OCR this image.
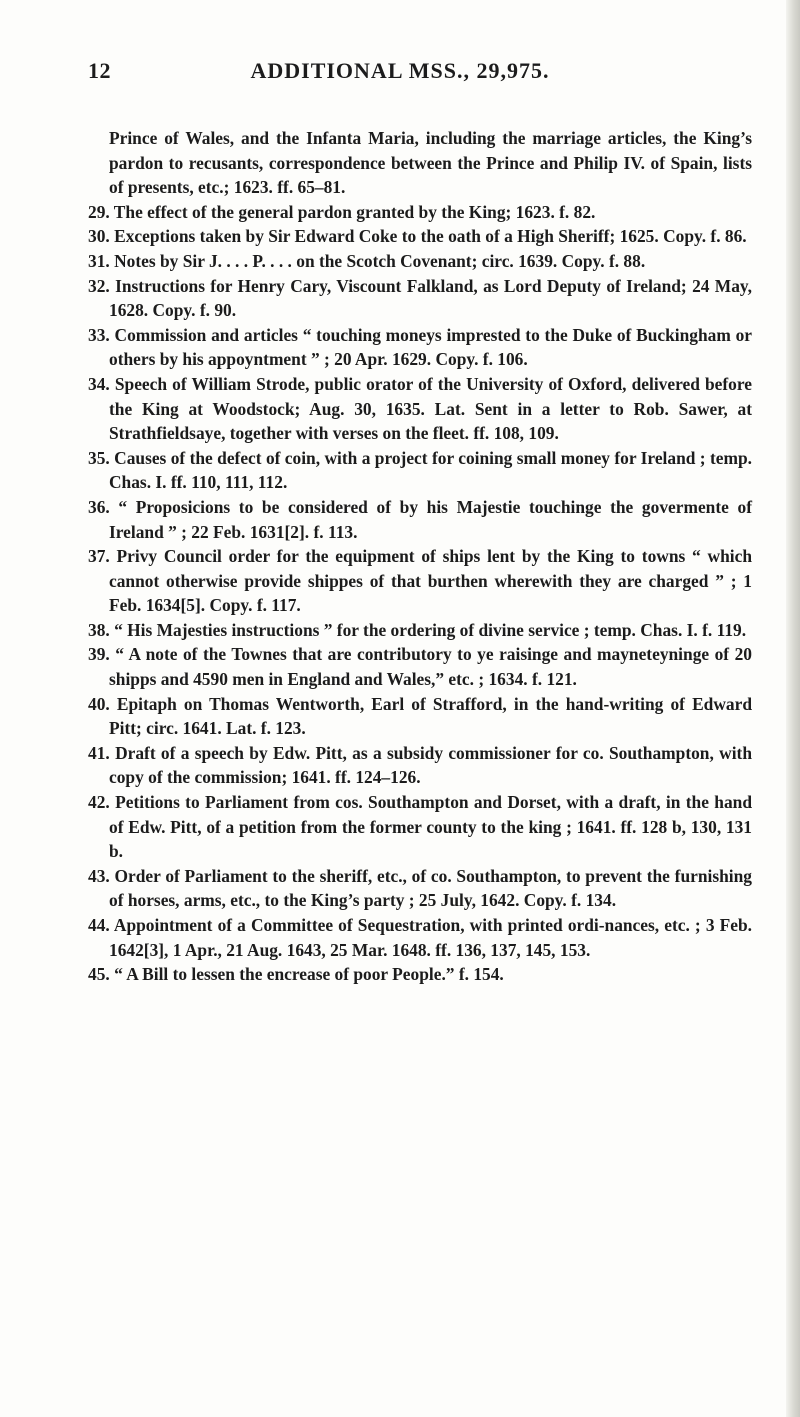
12	ADDITIONAL MSS., 29,975.

Prince of Wales, and the Infanta Maria, including the marriage articles, the King’s pardon to recusants, correspondence between the Prince and Philip IV. of Spain, lists of presents, etc.; 1623. ff. 65–81.

29. The effect of the general pardon granted by the King; 1623. f. 82.

30. Exceptions taken by Sir Edward Coke to the oath of a High Sheriff; 1625. Copy. f. 86.

31. Notes by Sir J. . . . P. . . . on the Scotch Covenant; circ. 1639. Copy. f. 88.

32. Instructions for Henry Cary, Viscount Falkland, as Lord Deputy of Ireland; 24 May, 1628. Copy. f. 90.

33. Commission and articles “ touching moneys imprested to the Duke of Buckingham or others by his appoyntment ” ; 20 Apr. 1629. Copy. f. 106.

34. Speech of William Strode, public orator of the University of Oxford, delivered before the King at Woodstock; Aug. 30, 1635. Lat. Sent in a letter to Rob. Sawer, at Strathfieldsaye, together with verses on the fleet. ff. 108, 109.

35. Causes of the defect of coin, with a project for coining small money for Ireland ; temp. Chas. I. ff. 110, 111, 112.

36. “ Proposicions to be considered of by his Majestie touchinge the govermente of Ireland ” ; 22 Feb. 1631[2]. f. 113.

37. Privy Council order for the equipment of ships lent by the King to towns “ which cannot otherwise provide shippes of that burthen wherewith they are charged ” ; 1 Feb. 1634[5]. Copy. f. 117.

38. “ His Majesties instructions ” for the ordering of divine service ; temp. Chas. I. f. 119.

39. “ A note of the Townes that are contributory to ye raisinge and mayneteyninge of 20 shipps and 4590 men in England and Wales,” etc. ; 1634. f. 121.

40. Epitaph on Thomas Wentworth, Earl of Strafford, in the hand-writing of Edward Pitt; circ. 1641. Lat. f. 123.

41. Draft of a speech by Edw. Pitt, as a subsidy commissioner for co. Southampton, with copy of the commission; 1641. ff. 124–126.

42. Petitions to Parliament from cos. Southampton and Dorset, with a draft, in the hand of Edw. Pitt, of a petition from the former county to the king ; 1641. ff. 128 b, 130, 131 b.

43. Order of Parliament to the sheriff, etc., of co. Southampton, to prevent the furnishing of horses, arms, etc., to the King’s party ; 25 July, 1642. Copy. f. 134.

44. Appointment of a Committee of Sequestration, with printed ordi-nances, etc. ; 3 Feb. 1642[3], 1 Apr., 21 Aug. 1643, 25 Mar. 1648. ff. 136, 137, 145, 153.

45. “ A Bill to lessen the encrease of poor People.” f. 154.
